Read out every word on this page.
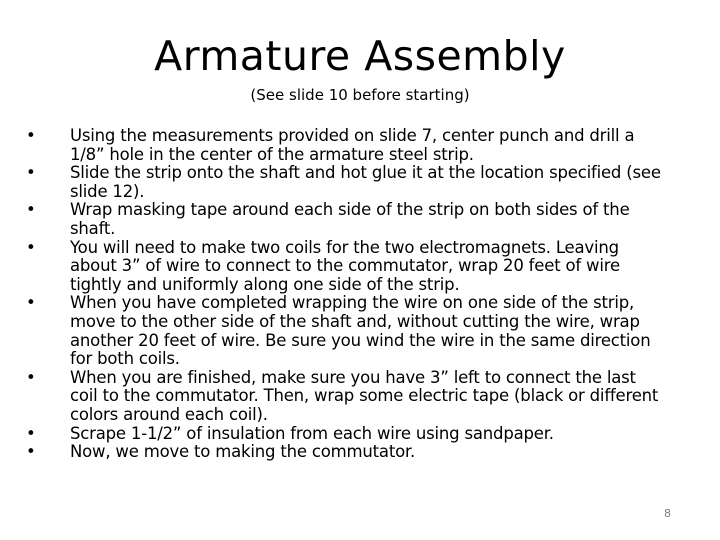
Armature Assembly

(See slide 10 before starting)

•	Using the measurements provided on slide 7, center punch and drill a 1/8” hole in the center of the armature steel strip.
•	Slide the strip onto the shaft and hot glue it at the location specified (see slide 12).
•	Wrap masking tape around each side of the strip on both sides of the shaft.
•	You will need to make two coils for the two electromagnets. Leaving about 3” of wire to connect to the commutator, wrap 20 feet of wire tightly and uniformly along one side of the strip.
•	When you have completed wrapping the wire on one side of the strip, move to the other side of the shaft and, without cutting the wire, wrap another 20 feet of wire. Be sure you wind the wire in the same direction for both coils.
•	When you are finished, make sure you have 3” left to connect the last coil to the commutator. Then, wrap some electric tape (black or different colors around each coil).
•	Scrape 1-1/2” of insulation from each wire using sandpaper.
•	Now, we move to making the commutator.
8
